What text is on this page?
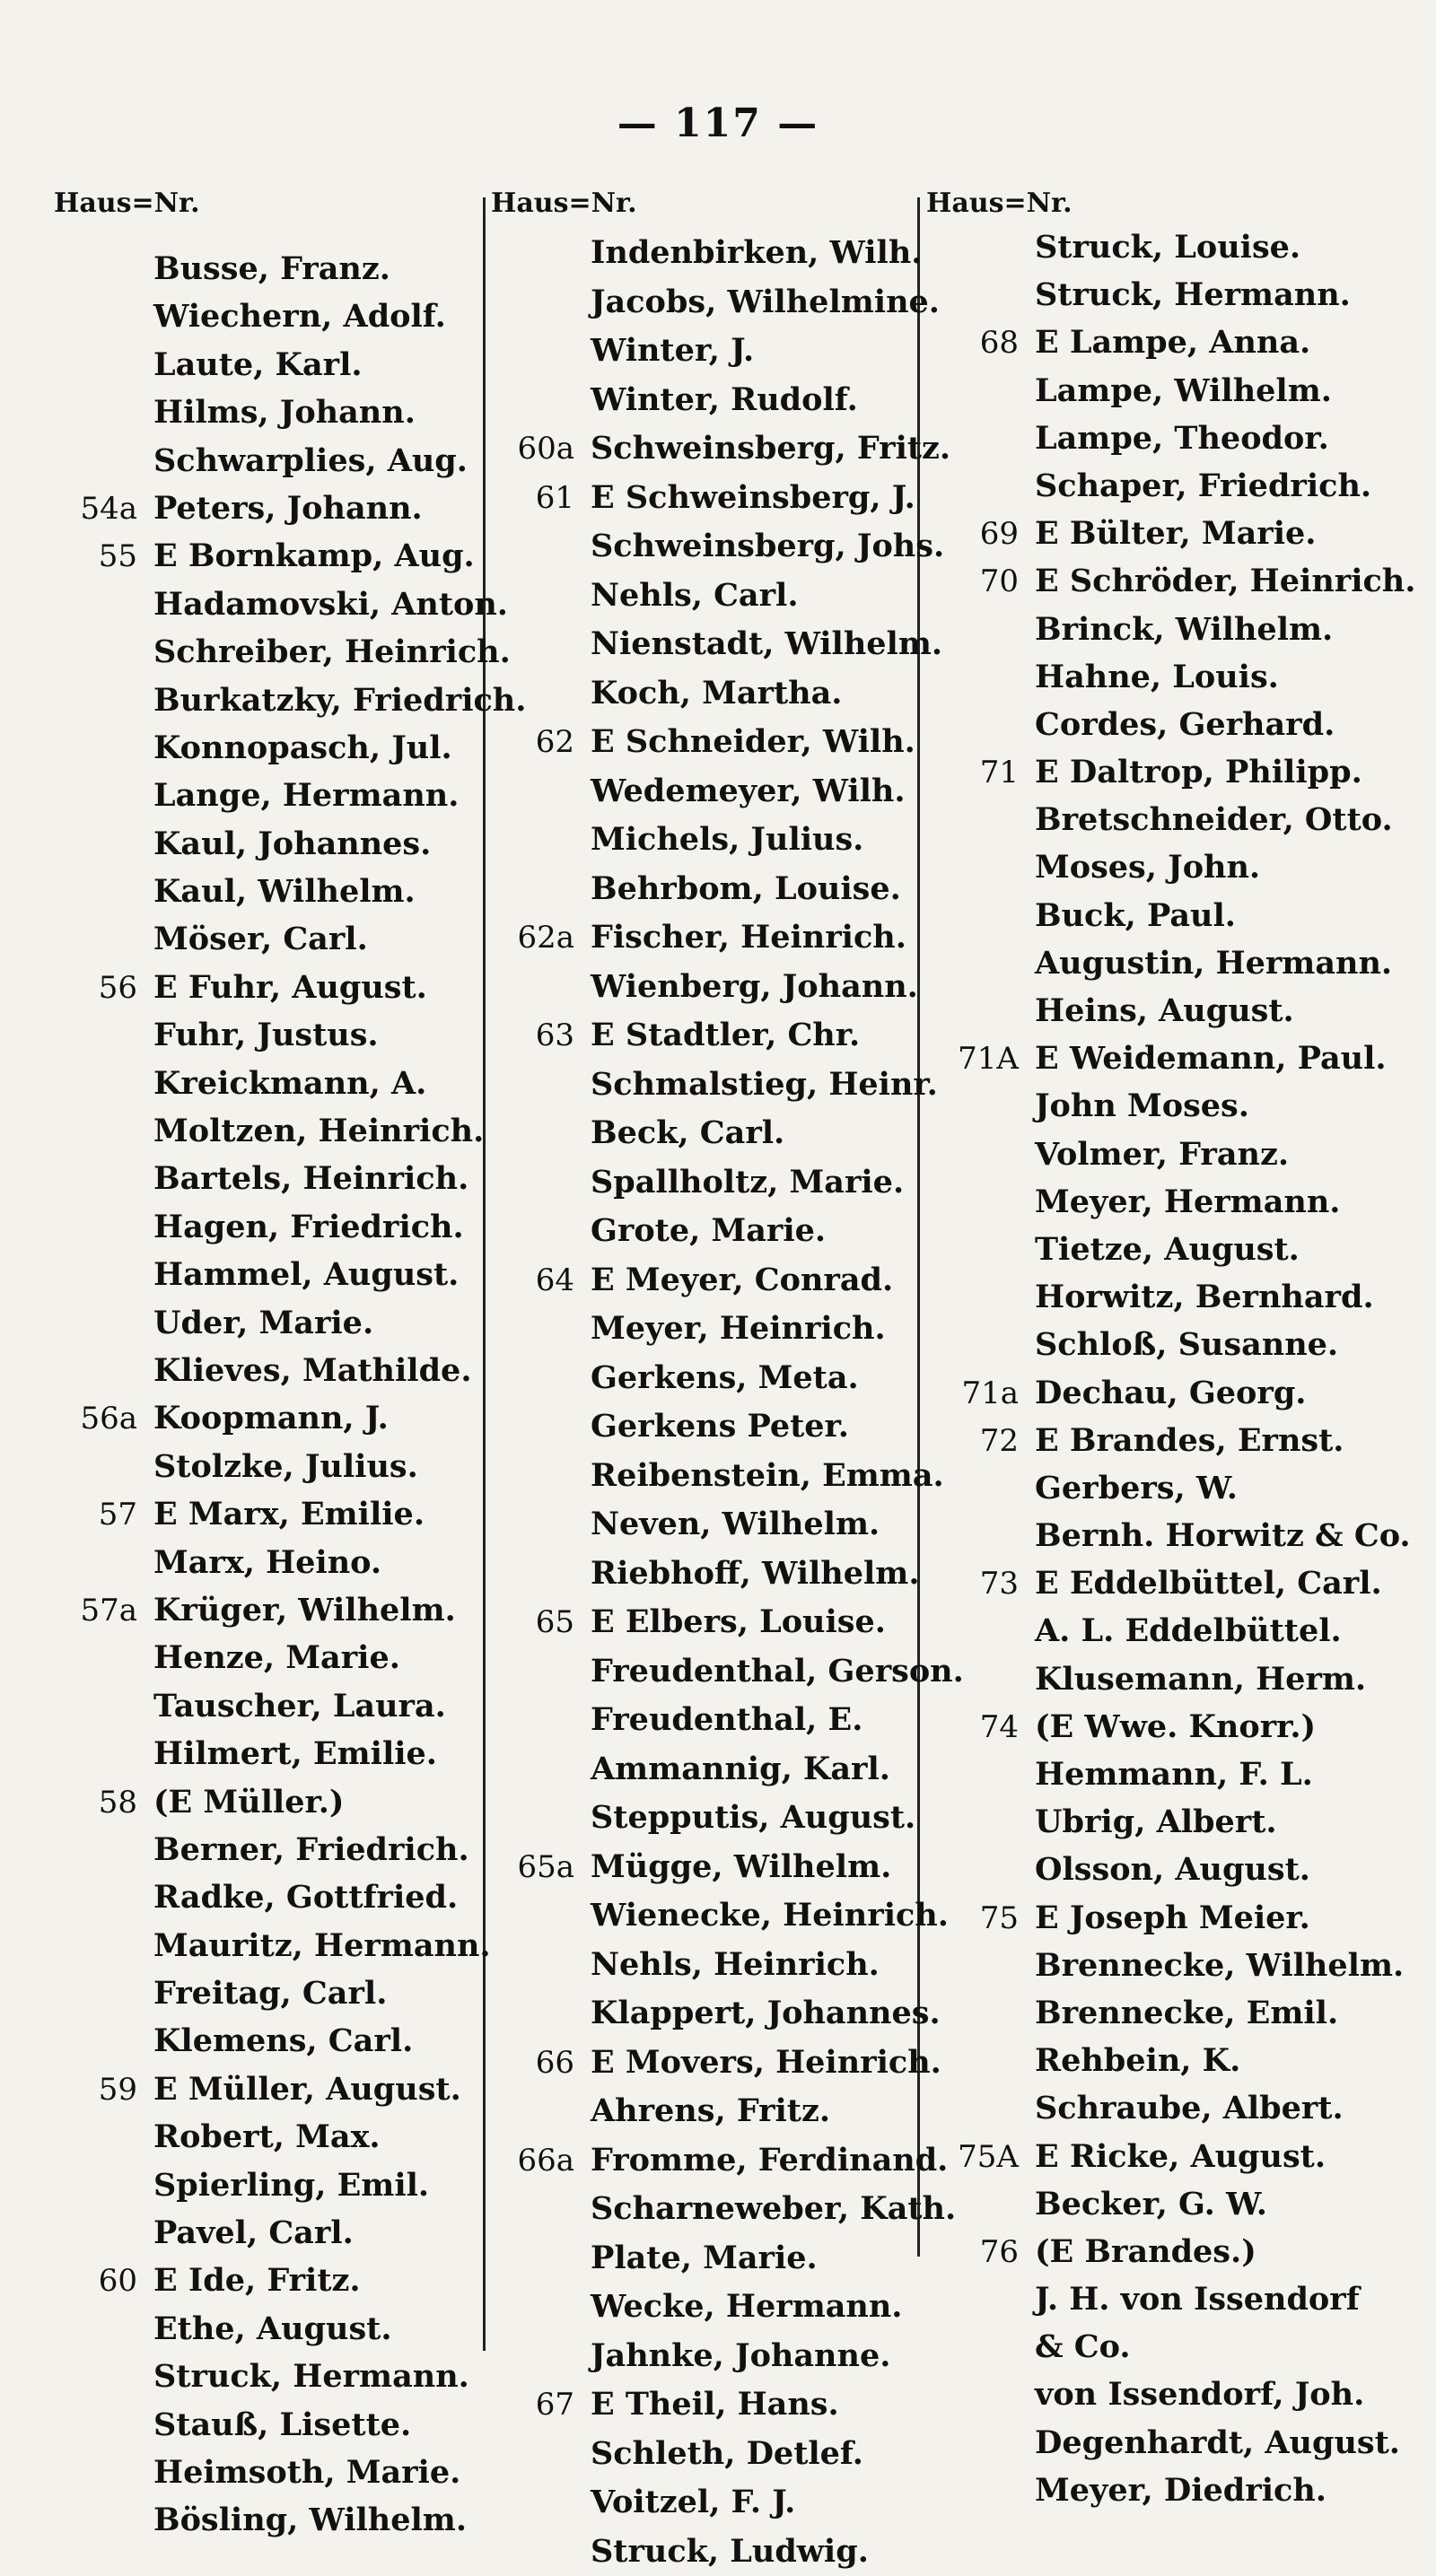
— 117 —
Haus=Nr.
Busse, Franz.
Wiechern, Adolf.
Laute, Karl.
Hilms, Johann.
Schwarplies, Aug.
54a Peters, Johann.
55 E Bornkamp, Aug.
Hadamovski, Anton.
Schreiber, Heinrich.
Burkatzky, Friedrich.
Konnopasch, Jul.
Lange, Hermann.
Kaul, Johannes.
Kaul, Wilhelm.
Möser, Carl.
56 E Fuhr, August.
Fuhr, Justus.
Kreickmann, A.
Moltzen, Heinrich.
Bartels, Heinrich.
Hagen, Friedrich.
Hammel, August.
Uder, Marie.
Klieves, Mathilde.
56a Koopmann, J.
Stolzke, Julius.
57 E Marx, Emilie.
Marx, Heino.
57a Krüger, Wilhelm.
Henze, Marie.
Tauscher, Laura.
Hilmert, Emilie.
58 (E Müller.)
Berner, Friedrich.
Radke, Gottfried.
Mauritz, Hermann.
Freitag, Carl.
Klemens, Carl.
59 E Müller, August.
Robert, Max.
Spierling, Emil.
Pavel, Carl.
60 E Ide, Fritz.
Ethe, August.
Struck, Hermann.
Stauß, Lisette.
Heimsoth, Marie.
Bösling, Wilhelm.
Haus=Nr.
Indenbirken, Wilh.
Jacobs, Wilhelmine.
Winter, J.
Winter, Rudolf.
60a Schweinsberg, Fritz.
61 E Schweinsberg, J.
Schweinsberg, Johs.
Nehls, Carl.
Nienstadt, Wilhelm.
Koch, Martha.
62 E Schneider, Wilh.
Wedemeyer, Wilh.
Michels, Julius.
Behrbom, Louise.
62a Fischer, Heinrich.
Wienberg, Johann.
63 E Stadtler, Chr.
Schmalstieg, Heinr.
Beck, Carl.
Spallholtz, Marie.
Grote, Marie.
64 E Meyer, Conrad.
Meyer, Heinrich.
Gerkens, Meta.
Gerkens Peter.
Reibenstein, Emma.
Neven, Wilhelm.
Riebhoff, Wilhelm.
65 E Elbers, Louise.
Freudenthal, Gerson.
Freudenthal, E.
Ammannig, Karl.
Stepputis, August.
65a Mügge, Wilhelm.
Wienecke, Heinrich.
Nehls, Heinrich.
Klappert, Johannes.
66 E Movers, Heinrich.
Ahrens, Fritz.
66a Fromme, Ferdinand.
Scharneweber, Kath.
Plate, Marie.
Wecke, Hermann.
Jahnke, Johanne.
67 E Theil, Hans.
Schleth, Detlef.
Voitzel, F. J.
Struck, Ludwig.
Haus=Nr.
Struck, Louise.
Struck, Hermann.
68 E Lampe, Anna.
Lampe, Wilhelm.
Lampe, Theodor.
Schaper, Friedrich.
69 E Bülter, Marie.
70 E Schröder, Heinrich.
Brinck, Wilhelm.
Hahne, Louis.
Cordes, Gerhard.
71 E Daltrop, Philipp.
Bretschneider, Otto.
Moses, John.
Buck, Paul.
Augustin, Hermann.
Heins, August.
71A E Weidemann, Paul.
John Moses.
Volmer, Franz.
Meyer, Hermann.
Tietze, August.
Horwitz, Bernhard.
Schloß, Susanne.
71a Dechau, Georg.
72 E Brandes, Ernst.
Gerbers, W.
Bernh. Horwitz & Co.
73 E Eddelbüttel, Carl.
A. L. Eddelbüttel.
Klusemann, Herm.
74 (E Wwe. Knorr.)
Hemmann, F. L.
Ubrig, Albert.
Olsson, August.
75 E Joseph Meier.
Brennecke, Wilhelm.
Brennecke, Emil.
Rehbein, K.
Schraube, Albert.
75A E Ricke, August.
Becker, G. W.
76 (E Brandes.)
J. H. von Issendorf
& Co.
von Issendorf, Joh.
Degenhardt, August.
Meyer, Diedrich.
